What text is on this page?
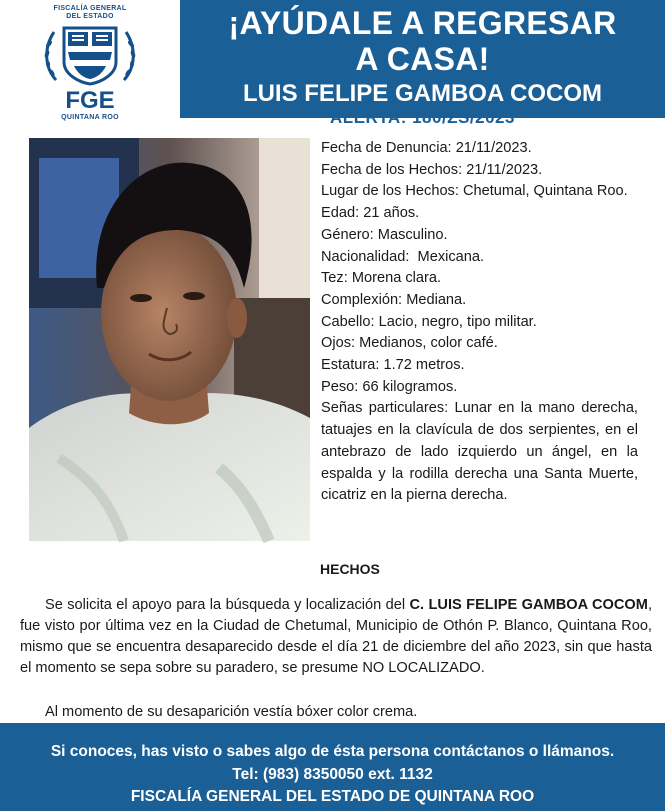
FISCALÍA GENERAL
DEL ESTADO
FGE
QUINTANA ROO
¡AYÚDALE A REGRESAR
A CASA!
LUIS FELIPE GAMBOA COCOM
ALERTA: 180/ZS/2023
Fecha de Denuncia: 21/11/2023.
Fecha de los Hechos: 21/11/2023.
Lugar de los Hechos: Chetumal, Quintana Roo.
Edad: 21 años.
Género: Masculino.
Nacionalidad: Mexicana.
Tez: Morena clara.
Complexión: Mediana.
Cabello: Lacio, negro, tipo militar.
Ojos: Medianos, color café.
Estatura: 1.72 metros.
Peso: 66 kilogramos.
Señas particulares: Lunar en la mano derecha, tatuajes en la clavícula de dos serpientes, en el antebrazo de lado izquierdo un ángel, en la espalda y la rodilla derecha una Santa Muerte, cicatriz en la pierna derecha.
HECHOS

Se solicita el apoyo para la búsqueda y localización del C. LUIS FELIPE GAMBOA COCOM, fue visto por última vez en la Ciudad de Chetumal, Municipio de Othón P. Blanco, Quintana Roo, mismo que se encuentra desaparecido desde el día 21 de diciembre del año 2023, sin que hasta el momento se sepa sobre su paradero, se presume NO LOCALIZADO.

Al momento de su desaparición vestía bóxer color crema.
Si conoces, has visto o sabes algo de ésta persona contáctanos o llámanos.
Tel: (983) 8350050 ext. 1132
FISCALÍA GENERAL DEL ESTADO DE QUINTANA ROO
